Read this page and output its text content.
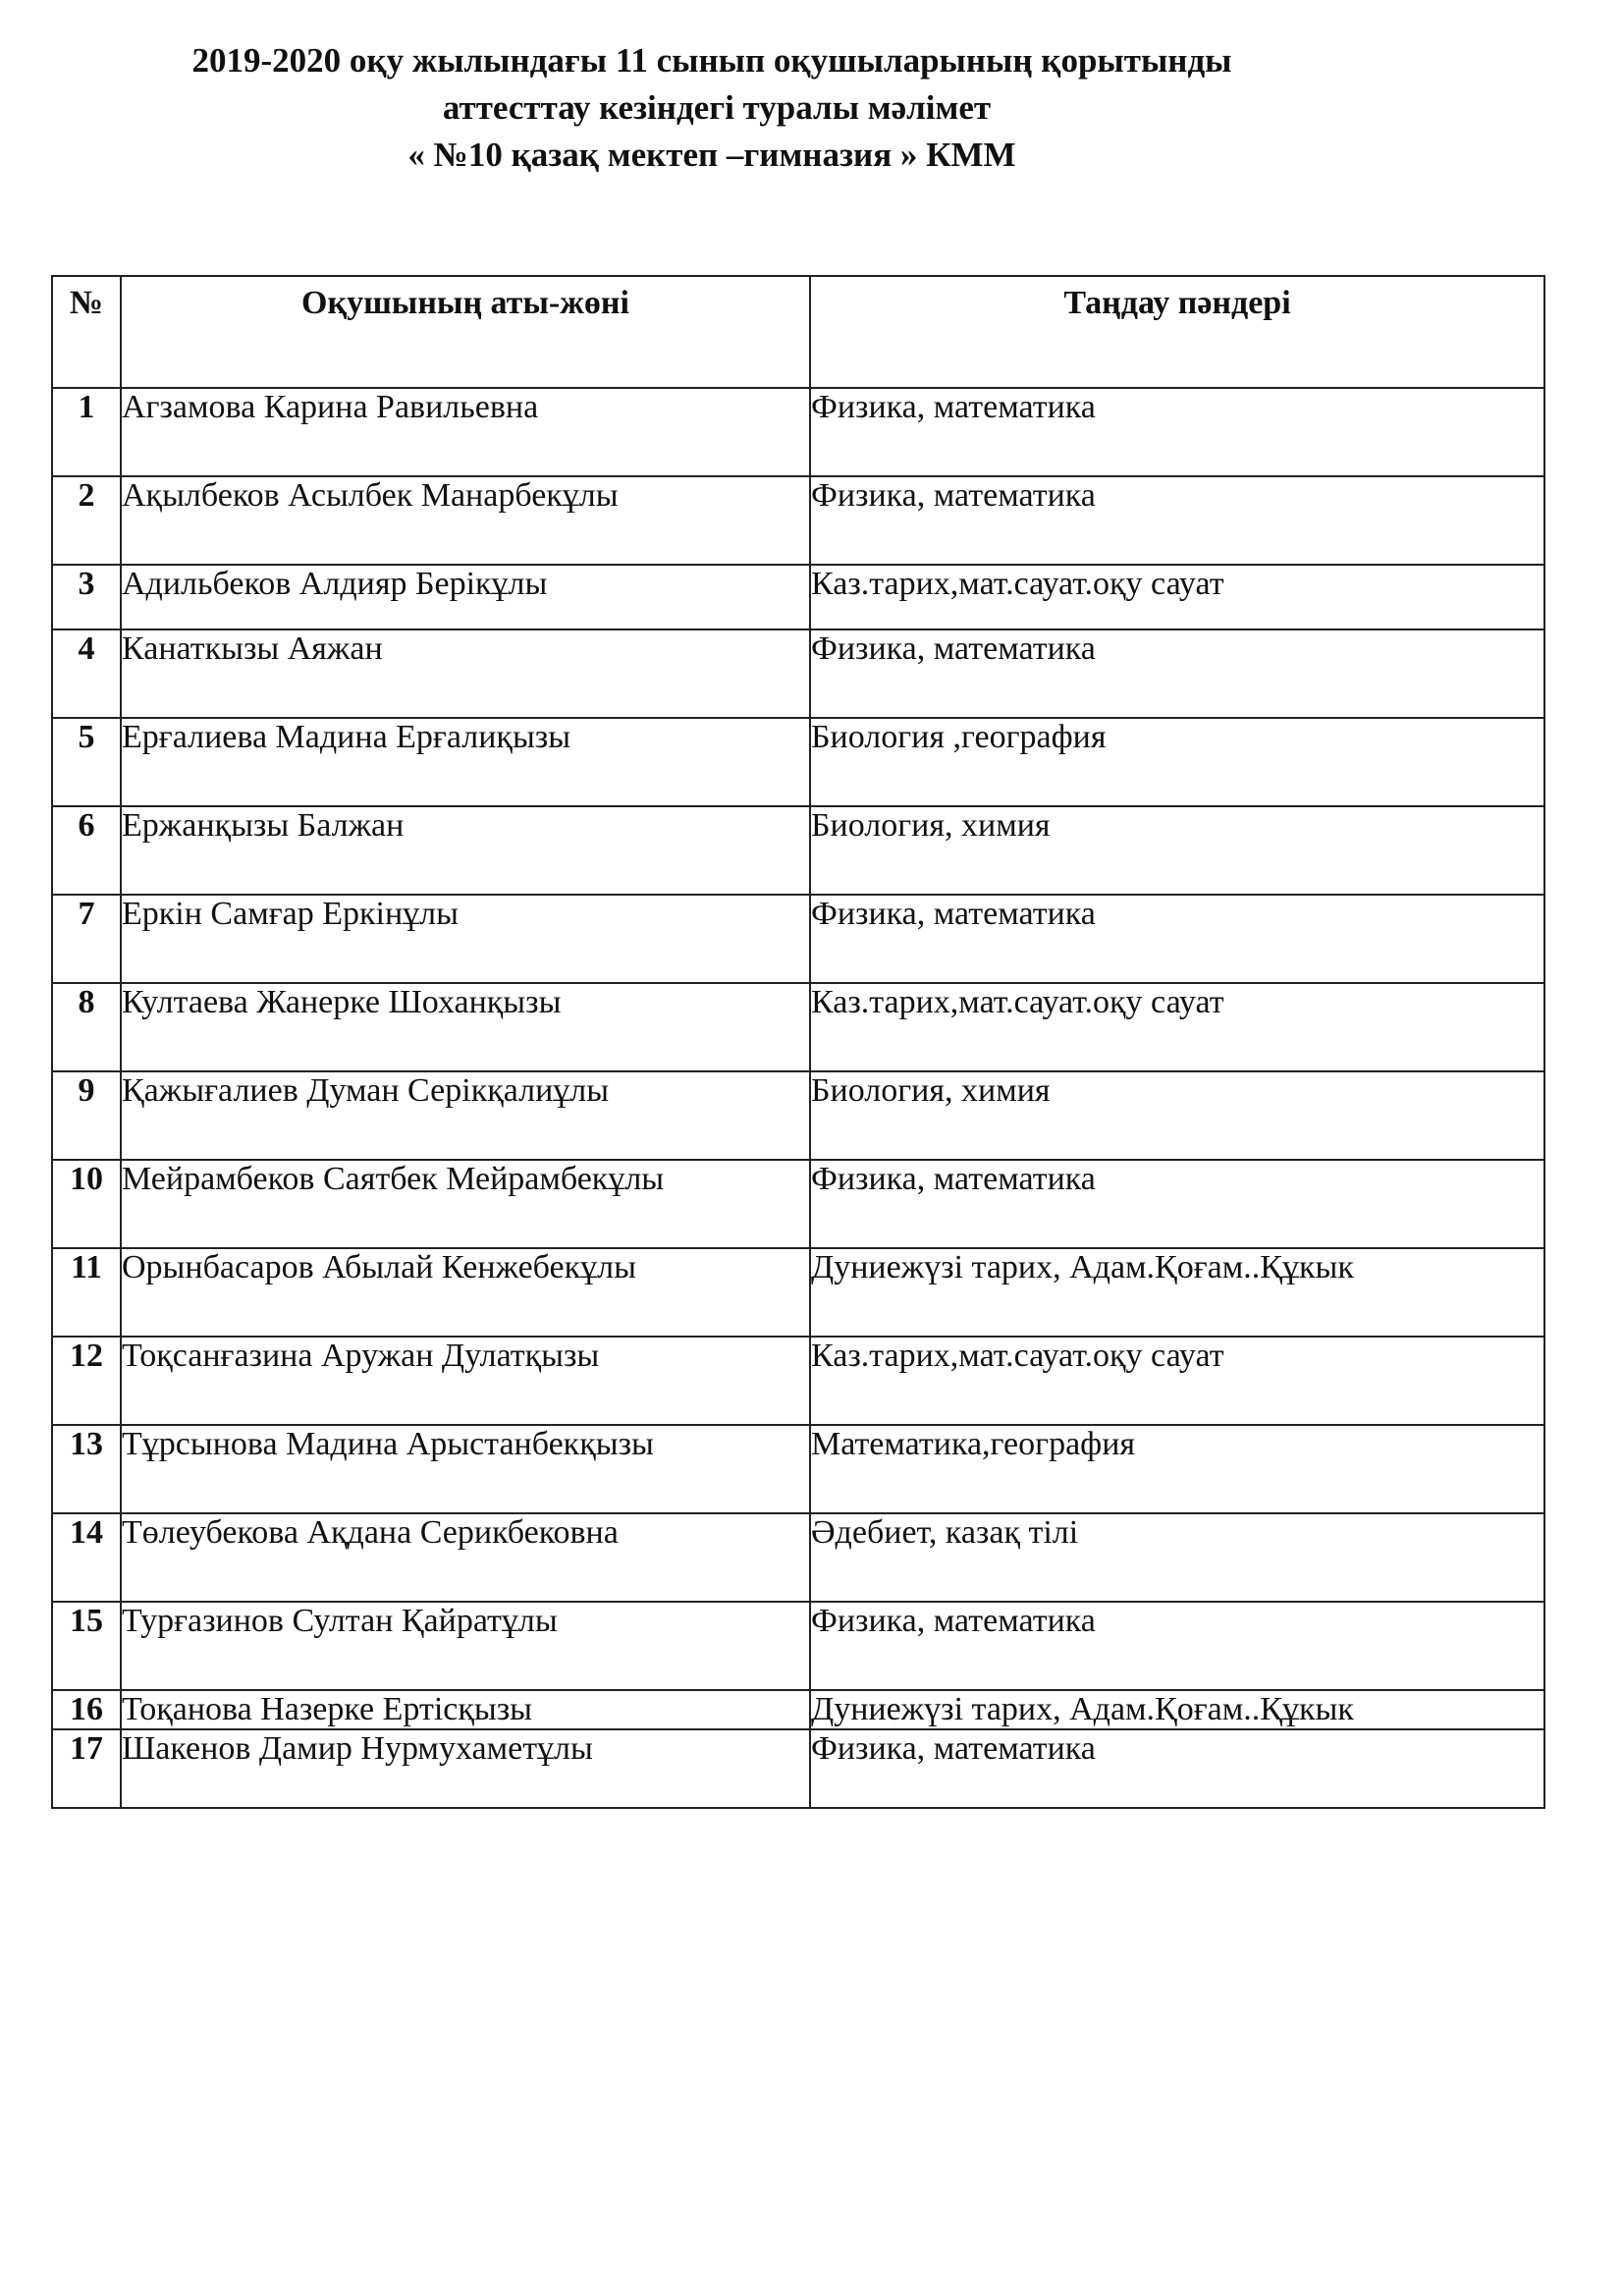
2019-2020 оқу жылындағы 11 сынып оқушыларының қорытынды
аттесттау кезіндегі туралы мәлімет
« №10 қазақ мектеп –гимназия » КММ
№	Оқушының аты-жөні	Таңдау пәндері
1	Агзамова Карина Равильевна	Физика, математика
2	Ақылбеков Асылбек Манарбекұлы	Физика, математика
3	Адильбеков Алдияр Берікұлы	Каз.тарих,мат.сауат.оқу сауат
4	Канаткызы Аяжан	Физика, математика
5	Ерғалиева Мадина Ерғалиқызы	Биология ,география
6	Ержанқызы Балжан	Биология, химия
7	Еркін Самғар Еркінұлы	Физика, математика
8	Култаева Жанерке Шоханқызы	Каз.тарих,мат.сауат.оқу сауат
9	Қажығалиев Думан Серікқалиұлы	Биология, химия
10	Мейрамбеков Саятбек Мейрамбекұлы	Физика, математика
11	Орынбасаров Абылай Кенжебекұлы	Дуниежүзі тарих, Адам.Қоғам..Құкык
12	Тоқсанғазина Аружан Дулатқызы	Каз.тарих,мат.сауат.оқу сауат
13	Тұрсынова Мадина Арыстанбекқызы	Математика,география
14	Төлеубекова Ақдана Серикбековна	Әдебиет, казақ тілі
15	Турғазинов Султан Қайратұлы	Физика, математика
16	Тоқанова Назерке Ертісқызы	Дуниежүзі тарих, Адам.Қоғам..Құкык
17	Шакенов Дамир Нурмухаметұлы	Физика, математика
